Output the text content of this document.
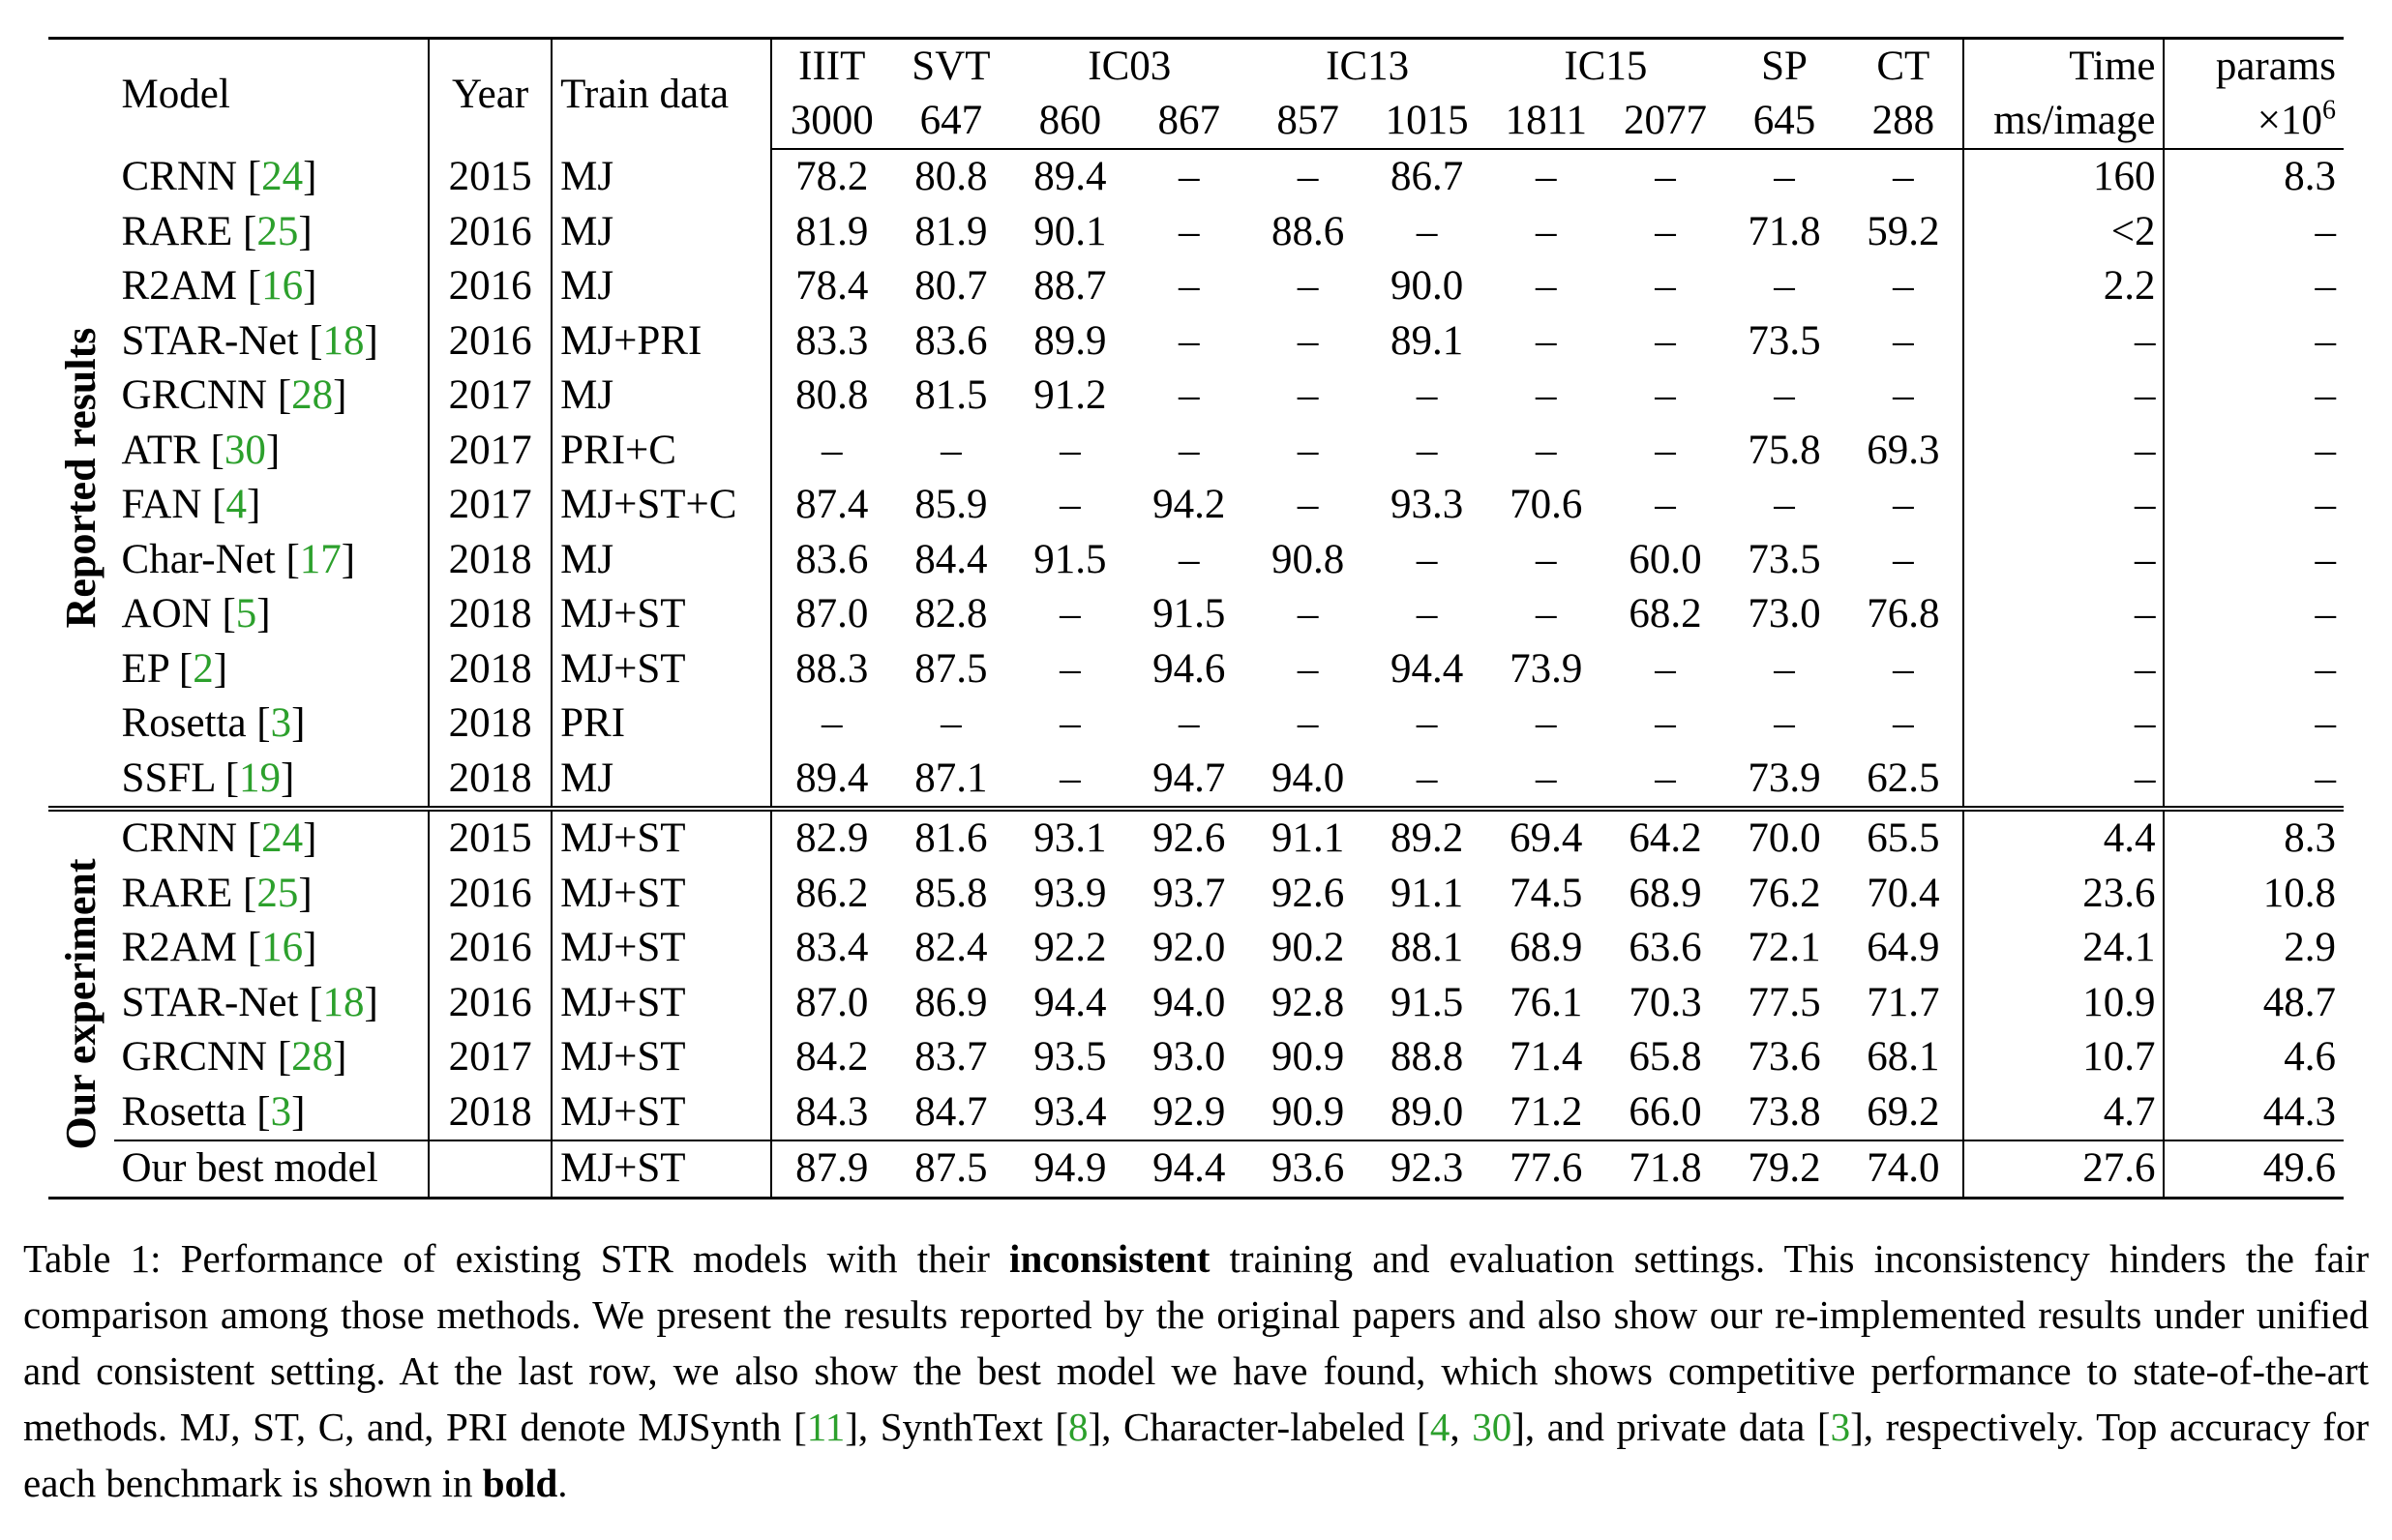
	Model	Year	Train data	IIIT	SVT	IC03		IC13		IC15		SP	CT	Time	params
				3000	647	860	867	857	1015	1811	2077	645	288	ms/image	$\times 10^6$

Reported results	CRNN [24]	2015	MJ	78.2	80.8	89.4	–	–	86.7	–	–	–	–	160	8.3
	RARE [25]	2016	MJ	81.9	81.9	90.1	–	88.6	–	–	–	71.8	59.2	<2	–
	R2AM [16]	2016	MJ	78.4	80.7	88.7	–	–	90.0	–	–	–	–	2.2	–
	STAR-Net [18]	2016	MJ+PRI	83.3	83.6	89.9	–	–	89.1	–	–	73.5	–	–	–
	GRCNN [28]	2017	MJ	80.8	81.5	91.2	–	–	–	–	–	–	–	–	–
	ATR [30]	2017	PRI+C	–	–	–	–	–	–	–	–	75.8	69.3	–	–
	FAN [4]	2017	MJ+ST+C	87.4	85.9	–	94.2	–	93.3	70.6	–	–	–	–	–
	Char-Net [17]	2018	MJ	83.6	84.4	91.5	–	90.8	–	–	60.0	73.5	–	–	–
	AON [5]	2018	MJ+ST	87.0	82.8	–	91.5	–	–	–	68.2	73.0	76.8	–	–
	EP [2]	2018	MJ+ST	88.3	87.5	–	94.6	–	94.4	73.9	–	–	–	–	–
	Rosetta [3]	2018	PRI	–	–	–	–	–	–	–	–	–	–	–	–
	SSFL [19]	2018	MJ	89.4	87.1	–	94.7	94.0	–	–	–	73.9	62.5	–	–

Our experiment	CRNN [24]	2015	MJ+ST	82.9	81.6	93.1	92.6	91.1	89.2	69.4	64.2	70.0	65.5	4.4	8.3
	RARE [25]	2016	MJ+ST	86.2	85.8	93.9	93.7	92.6	91.1	74.5	68.9	76.2	70.4	23.6	10.8
	R2AM [16]	2016	MJ+ST	83.4	82.4	92.2	92.0	90.2	88.1	68.9	63.6	72.1	64.9	24.1	2.9
	STAR-Net [18]	2016	MJ+ST	87.0	86.9	94.4	94.0	92.8	91.5	76.1	70.3	77.5	71.7	10.9	48.7
	GRCNN [28]	2017	MJ+ST	84.2	83.7	93.5	93.0	90.9	88.8	71.4	65.8	73.6	68.1	10.7	4.6
	Rosetta [3]	2018	MJ+ST	84.3	84.7	93.4	92.9	90.9	89.0	71.2	66.0	73.8	69.2	4.7	44.3
	Our best model		MJ+ST	87.9	87.5	94.9	94.4	93.6	92.3	77.6	71.8	79.2	74.0	27.6	49.6
Table 1: Performance of existing STR models with their inconsistent training and evaluation settings. This inconsistency hinders the fair comparison among those methods. We present the results reported by the original papers and also show our re-implemented results under unified and consistent setting. At the last row, we also show the best model we have found, which shows competitive performance to state-of-the-art methods. MJ, ST, C, and, PRI denote MJSynth [11], SynthText [8], Character-labeled [4, 30], and private data [3], respectively. Top accuracy for each benchmark is shown in bold.
